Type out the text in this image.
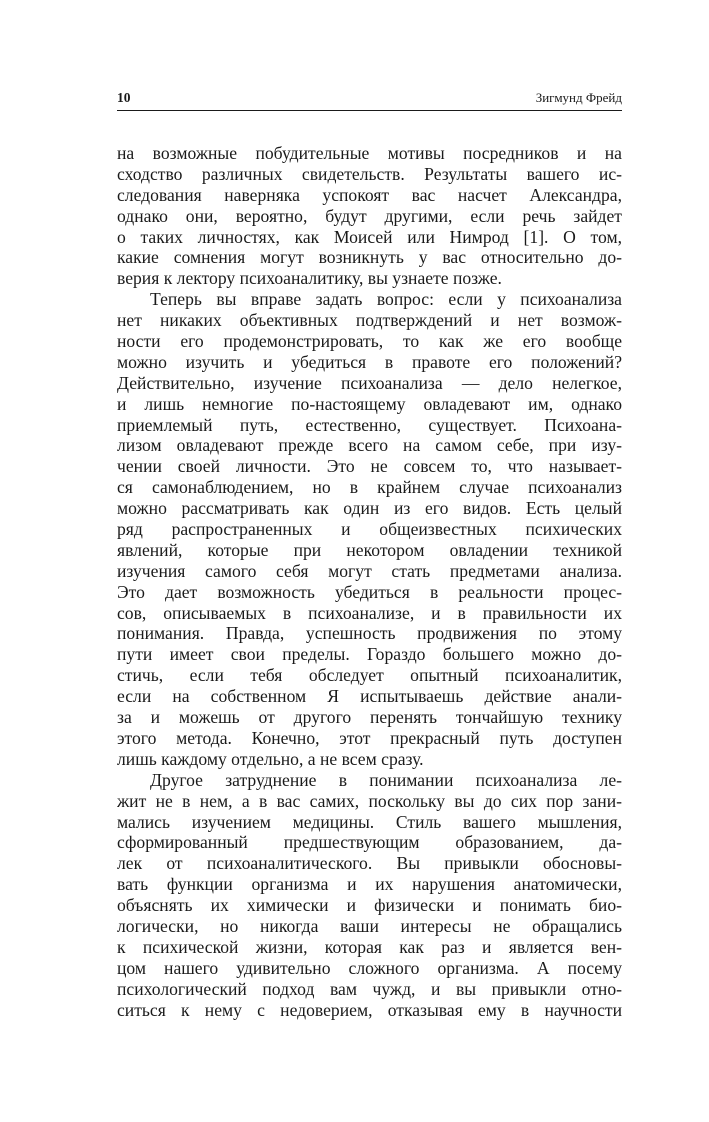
10	Зигмунд Фрейд

на возможные побудительные мотивы посредников и на
сходство различных свидетельств. Результаты вашего ис-
следования наверняка успокоят вас насчет Александра,
однако они, вероятно, будут другими, если речь зайдет
о таких личностях, как Моисей или Нимрод [1]. О том,
какие сомнения могут возникнуть у вас относительно до-
верия к лектору психоаналитику, вы узнаете позже.

Теперь вы вправе задать вопрос: если у психоанализа
нет никаких объективных подтверждений и нет возмож-
ности его продемонстрировать, то как же его вообще
можно изучить и убедиться в правоте его положений?
Действительно, изучение психоанализа — дело нелегкое,
и лишь немногие по-настоящему овладевают им, однако
приемлемый путь, естественно, существует. Психоана-
лизом овладевают прежде всего на самом себе, при изу-
чении своей личности. Это не совсем то, что называет-
ся самонаблюдением, но в крайнем случае психоанализ
можно рассматривать как один из его видов. Есть целый
ряд распространенных и общеизвестных психических
явлений, которые при некотором овладении техникой
изучения самого себя могут стать предметами анализа.
Это дает возможность убедиться в реальности процес-
сов, описываемых в психоанализе, и в правильности их
понимания. Правда, успешность продвижения по этому
пути имеет свои пределы. Гораздо большего можно до-
стичь, если тебя обследует опытный психоаналитик,
если на собственном Я испытываешь действие анали-
за и можешь от другого перенять тончайшую технику
этого метода. Конечно, этот прекрасный путь доступен
лишь каждому отдельно, а не всем сразу.

Другое затруднение в понимании психоанализа ле-
жит не в нем, а в вас самих, поскольку вы до сих пор зани-
мались изучением медицины. Стиль вашего мышления,
сформированный предшествующим образованием, да-
лек от психоаналитического. Вы привыкли обосновы-
вать функции организма и их нарушения анатомически,
объяснять их химически и физически и понимать био-
логически, но никогда ваши интересы не обращались
к психической жизни, которая как раз и является вен-
цом нашего удивительно сложного организма. А посему
психологический подход вам чужд, и вы привыкли отно-
ситься к нему с недоверием, отказывая ему в научности
